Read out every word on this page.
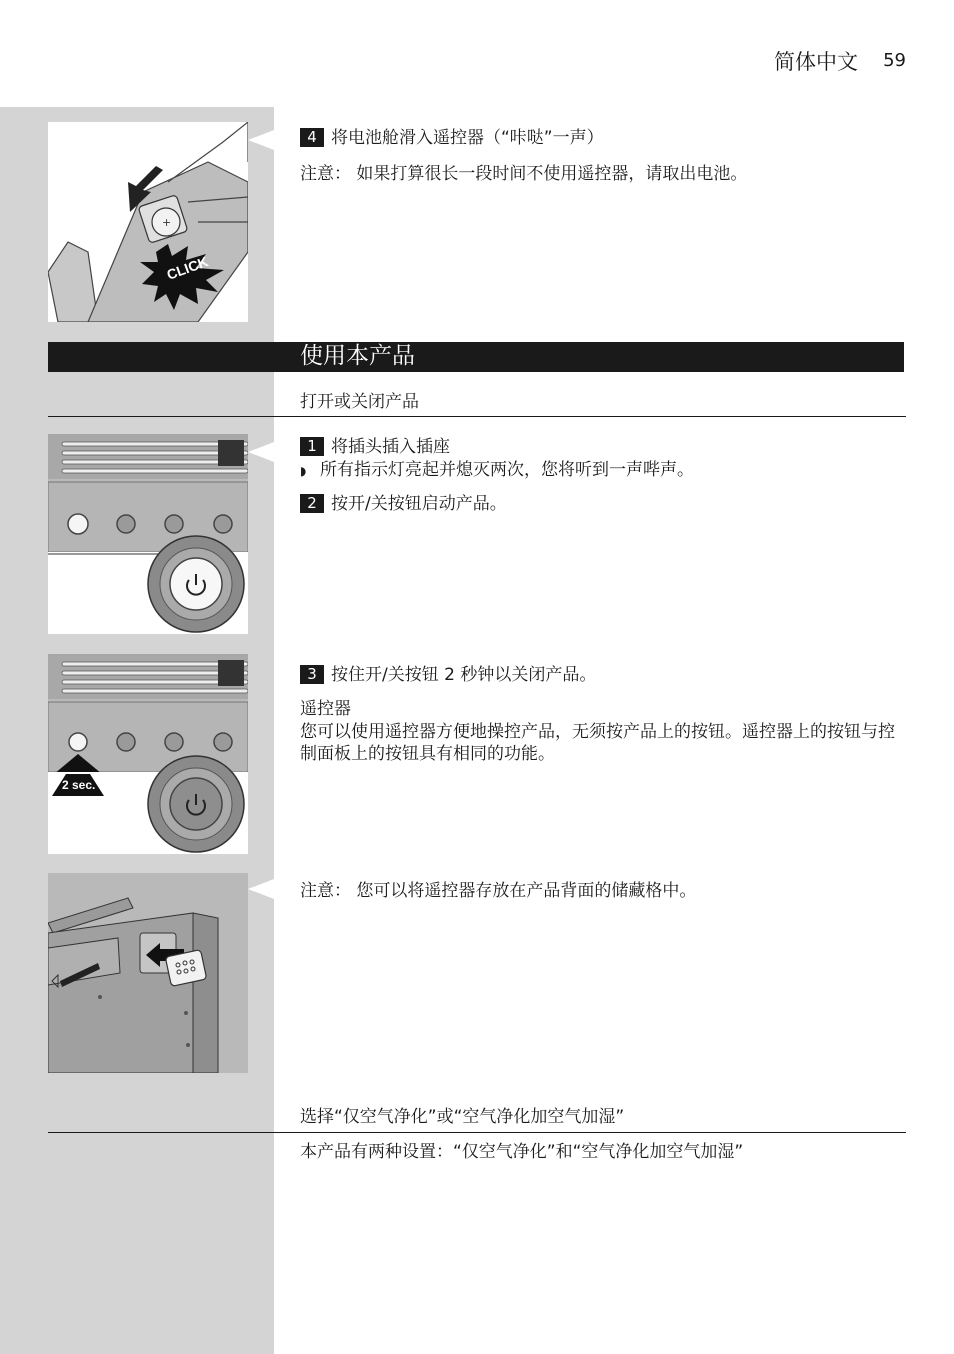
简体中文 59
+
CLICK
4 将电池舱滑入遥控器（“咔哒”一声）
注意： 如果打算很长一段时间不使用遥控器，请取出电池。
使用本产品
打开或关闭产品
1 将插头插入插座
◗ 所有指示灯亮起并熄灭两次，您将听到一声哔声。
2 按开/关按钮启动产品。
2 sec.
3 按住开/关按钮 2 秒钟以关闭产品。
遥控器
您可以使用遥控器方便地操控产品，无须按产品上的按钮。遥控器上的按钮与控制面板上的按钮具有相同的功能。
注意： 您可以将遥控器存放在产品背面的储藏格中。
选择“仅空气净化”或“空气净化加空气加湿”
本产品有两种设置：“仅空气净化”和“空气净化加空气加湿”
